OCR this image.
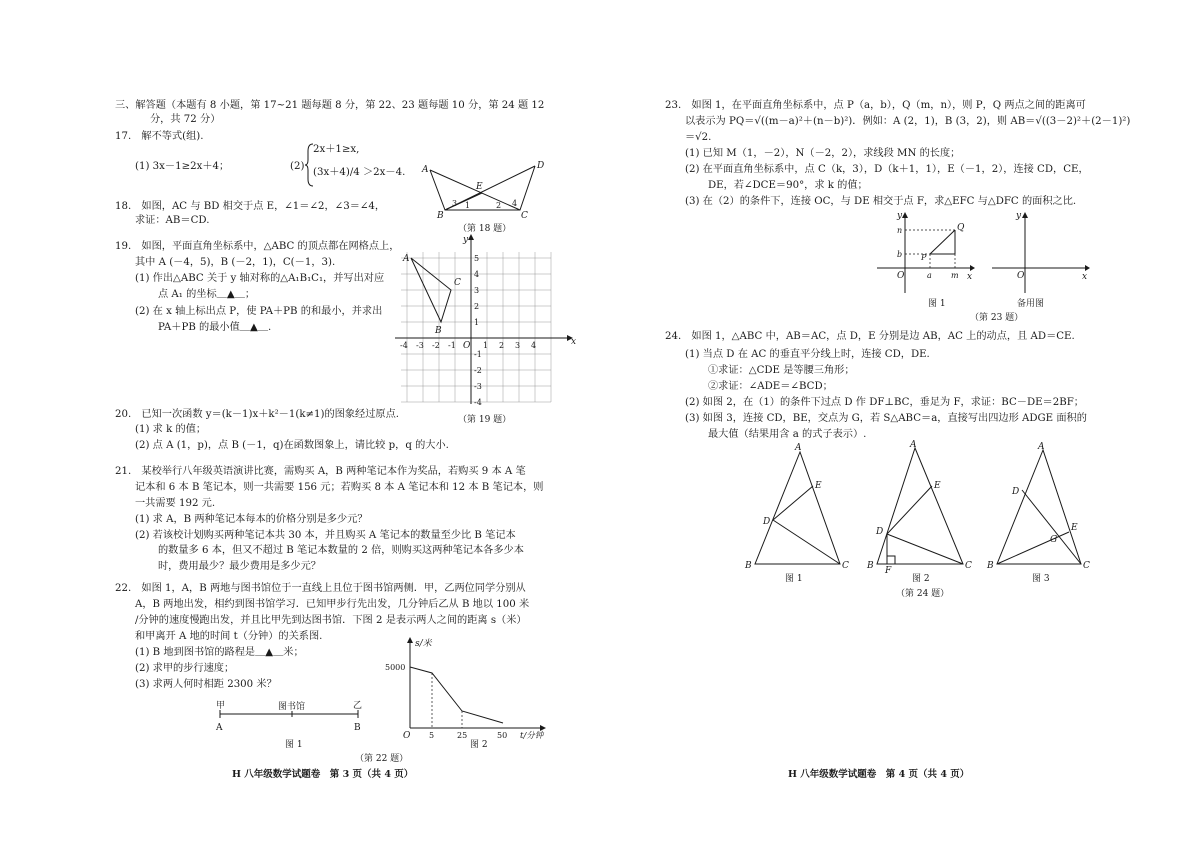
三、解答题（本题有 8 小题，第 17~21 题每题 8 分，第 22、23 题每题 10 分，第 24 题 12
分，共 72 分）
17.　解不等式(组).
(1) 3x－1≥2x＋4；	(2)
2x＋1≥x,
(3x＋4)/4 ＞2x－4.
18.　如图，AC 与 BD 相交于点 E，∠1＝∠2，∠3＝∠4，
求证：AB＝CD.
A	D
E
B	C
3 1	2 4
（第 18 题）
19.　如图，平面直角坐标系中，△ABC 的顶点都在网格点上，
其中 A (－4，5)，B (－2，1)，C(－1，3).
(1) 作出△ABC 关于 y 轴对称的△A₁B₁C₁，并写出对应
点 A₁ 的坐标＿▲＿；
(2) 在 x 轴上标出点 P，使 PA＋PB 的和最小，并求出
PA＋PB 的最小值＿▲＿.
A
B
C
x
y
5
4
3
2
1
-1
-2
-3
-4
-4 -3 -2 -1 O 1 2 3 4
（第 19 题）
20.　已知一次函数 y＝(k－1)x＋k²－1(k≠1)的图象经过原点.
(1) 求 k 的值；
(2) 点 A (1，p)，点 B (－1，q)在函数图象上，请比较 p，q 的大小.
21.　某校举行八年级英语演讲比赛，需购买 A，B 两种笔记本作为奖品，若购买 9 本 A 笔
记本和 6 本 B 笔记本，则一共需要 156 元；若购买 8 本 A 笔记本和 12 本 B 笔记本，则
一共需要 192 元.
(1) 求 A，B 两种笔记本每本的价格分别是多少元？
(2) 若该校计划购买两种笔记本共 30 本，并且购买 A 笔记本的数量至少比 B 笔记本
的数量多 6 本，但又不超过 B 笔记本数量的 2 倍，则购买这两种笔记本各多少本
时，费用最少？最少费用是多少元？
22.　如图 1，A，B 两地与图书馆位于一直线上且位于图书馆两侧．甲，乙两位同学分别从
A，B 两地出发，相约到图书馆学习．已知甲步行先出发，几分钟后乙从 B 地以 100 米
/分钟的速度慢跑出发，并且比甲先到达图书馆．下图 2 是表示两人之间的距离 s（米）
和甲离开 A 地的时间 t（分钟）的关系图.
(1) B 地到图书馆的路程是＿▲＿米；
(2) 求甲的步行速度；
(3) 求两人何时相距 2300 米？
甲	图书馆	乙
A	B
图 1
s/米
5000
O 5	25	50 t/分钟
图 2
（第 22 题）
H 八年级数学试题卷　第 3 页（共 4 页）
23.　如图 1，在平面直角坐标系中，点 P（a，b），Q（m，n），则 P，Q 两点之间的距离可
以表示为 PQ＝√((m－a)²＋(n－b)²)．例如：A (2，1)，B (3，2)，则 AB＝√((3－2)²＋(2－1)²)
＝√2.
(1) 已知 M（1，－2），N（－2，2），求线段 MN 的长度；
(2) 在平面直角坐标系中，点 C（k，3），D（k＋1，1），E（－1，2），连接 CD，CE，
DE，若∠DCE＝90°，求 k 的值；
(3) 在（2）的条件下，连接 OC，与 DE 相交于点 F，求△EFC 与△DFC 的面积之比.
y
x
O
n
b
a m
P
Q
图 1
y
x
O
备用图
（第 23 题）
24.　如图 1，△ABC 中，AB＝AC，点 D，E 分别是边 AB，AC 上的动点，且 AD＝CE.
(1) 当点 D 在 AC 的垂直平分线上时，连接 CD，DE.
①求证：△CDE 是等腰三角形；
②求证：∠ADE＝∠BCD；
(2) 如图 2，在（1）的条件下过点 D 作 DF⊥BC，垂足为 F，求证：BC－DE＝2BF；
(3) 如图 3，连接 CD，BE，交点为 G，若 S△ABC＝a，直接写出四边形 ADGE 面积的
最大值（结果用含 a 的式子表示）.
A
B	C
D
E
图 1
A
B	C
D
E
F
图 2
A
B	C
D
E
G
图 3
（第 24 题）
H 八年级数学试题卷　第 4 页（共 4 页）
